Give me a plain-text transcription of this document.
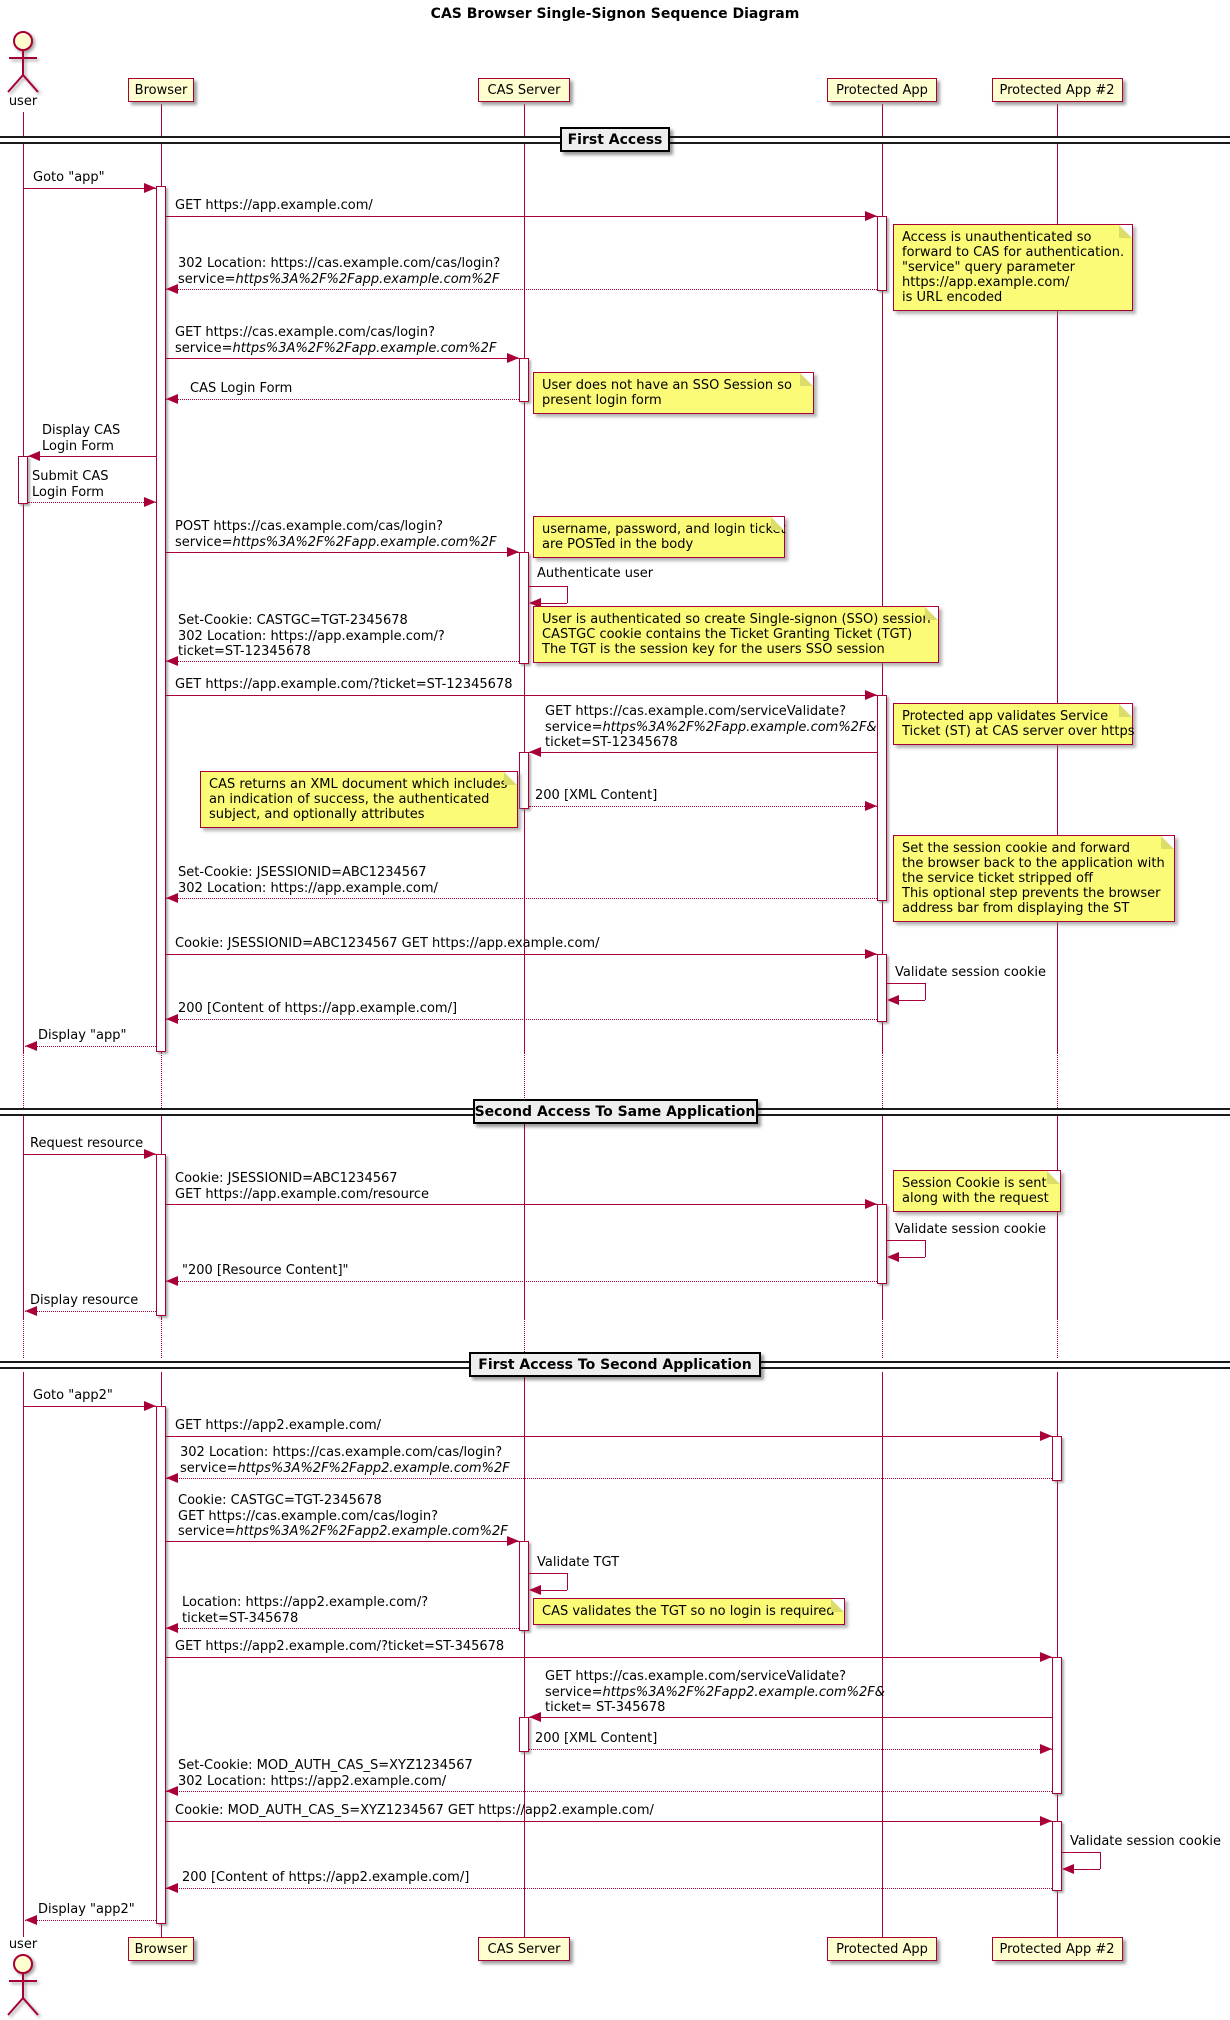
CAS Browser Single-Signon Sequence Diagram
user
user
Browser
Browser
CAS Server
CAS Server
Protected App
Protected App
Protected App #2
Protected App #2
First Access
Second Access To Same Application
First Access To Second Application
Goto "app"
GET https://app.example.com/
302 Location: https://cas.example.com/cas/login?
service=https%3A%2F%2Fapp.example.com%2F
GET https://cas.example.com/cas/login?
service=https%3A%2F%2Fapp.example.com%2F
CAS Login Form
Display CAS
Login Form
Submit CAS
Login Form
POST https://cas.example.com/cas/login?
service=https%3A%2F%2Fapp.example.com%2F
Authenticate user
Set-Cookie: CASTGC=TGT-2345678
302 Location: https://app.example.com/?
ticket=ST-12345678
GET https://app.example.com/?ticket=ST-12345678
GET https://cas.example.com/serviceValidate?
service=https%3A%2F%2Fapp.example.com%2F&
ticket=ST-12345678
200 [XML Content]
Set-Cookie: JSESSIONID=ABC1234567
302 Location: https://app.example.com/
Cookie: JSESSIONID=ABC1234567 GET https://app.example.com/
Validate session cookie
200 [Content of https://app.example.com/]
Display "app"
Request resource
Cookie: JSESSIONID=ABC1234567
GET https://app.example.com/resource
Validate session cookie
"200 [Resource Content]"
Display resource
Goto "app2"
GET https://app2.example.com/
302 Location: https://cas.example.com/cas/login?
service=https%3A%2F%2Fapp2.example.com%2F
Cookie: CASTGC=TGT-2345678
GET https://cas.example.com/cas/login?
service=https%3A%2F%2Fapp2.example.com%2F
Validate TGT
Location: https://app2.example.com/?
ticket=ST-345678
GET https://app2.example.com/?ticket=ST-345678
GET https://cas.example.com/serviceValidate?
service=https%3A%2F%2Fapp2.example.com%2F&
ticket= ST-345678
200 [XML Content]
Set-Cookie: MOD_AUTH_CAS_S=XYZ1234567
302 Location: https://app2.example.com/
Cookie: MOD_AUTH_CAS_S=XYZ1234567 GET https://app2.example.com/
Validate session cookie
200 [Content of https://app2.example.com/]
Display "app2"
Access is unauthenticated so
forward to CAS for authentication.
"service" query parameter
https://app.example.com/
is URL encoded
User does not have an SSO Session so
present login form
username, password, and login ticket
are POSTed in the body
User is authenticated so create Single-signon (SSO) session
CASTGC cookie contains the Ticket Granting Ticket (TGT)
The TGT is the session key for the users SSO session
Protected app validates Service
Ticket (ST) at CAS server over https
CAS returns an XML document which includes
an indication of success, the authenticated
subject, and optionally attributes
Set the session cookie and forward
the browser back to the application with
the service ticket stripped off
This optional step prevents the browser
address bar from displaying the ST
Session Cookie is sent
along with the request
CAS validates the TGT so no login is required
